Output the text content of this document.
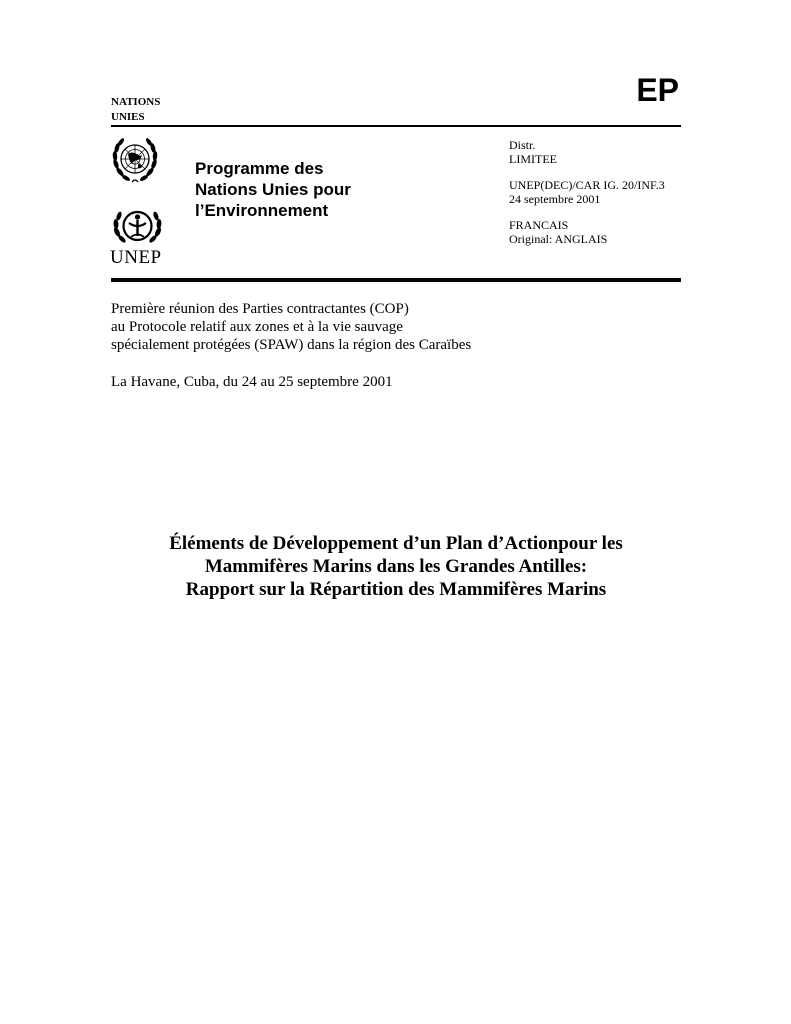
NATIONS
UNIES
EP
UNEP
Programme des
Nations Unies pour
l’Environnement
Distr.
LIMITEE
UNEP(DEC)/CAR IG. 20/INF.3
24 septembre 2001
FRANCAIS
Original: ANGLAIS
Première réunion des Parties contractantes (COP)
au Protocole relatif aux zones et à la vie sauvage
spécialement protégées (SPAW) dans la région des Caraïbes
La Havane, Cuba, du 24 au 25 septembre 2001
Éléments de Développement d’un Plan d’Actionpour les
Mammifères Marins dans les Grandes Antilles:
Rapport sur la Répartition des Mammifères Marins
